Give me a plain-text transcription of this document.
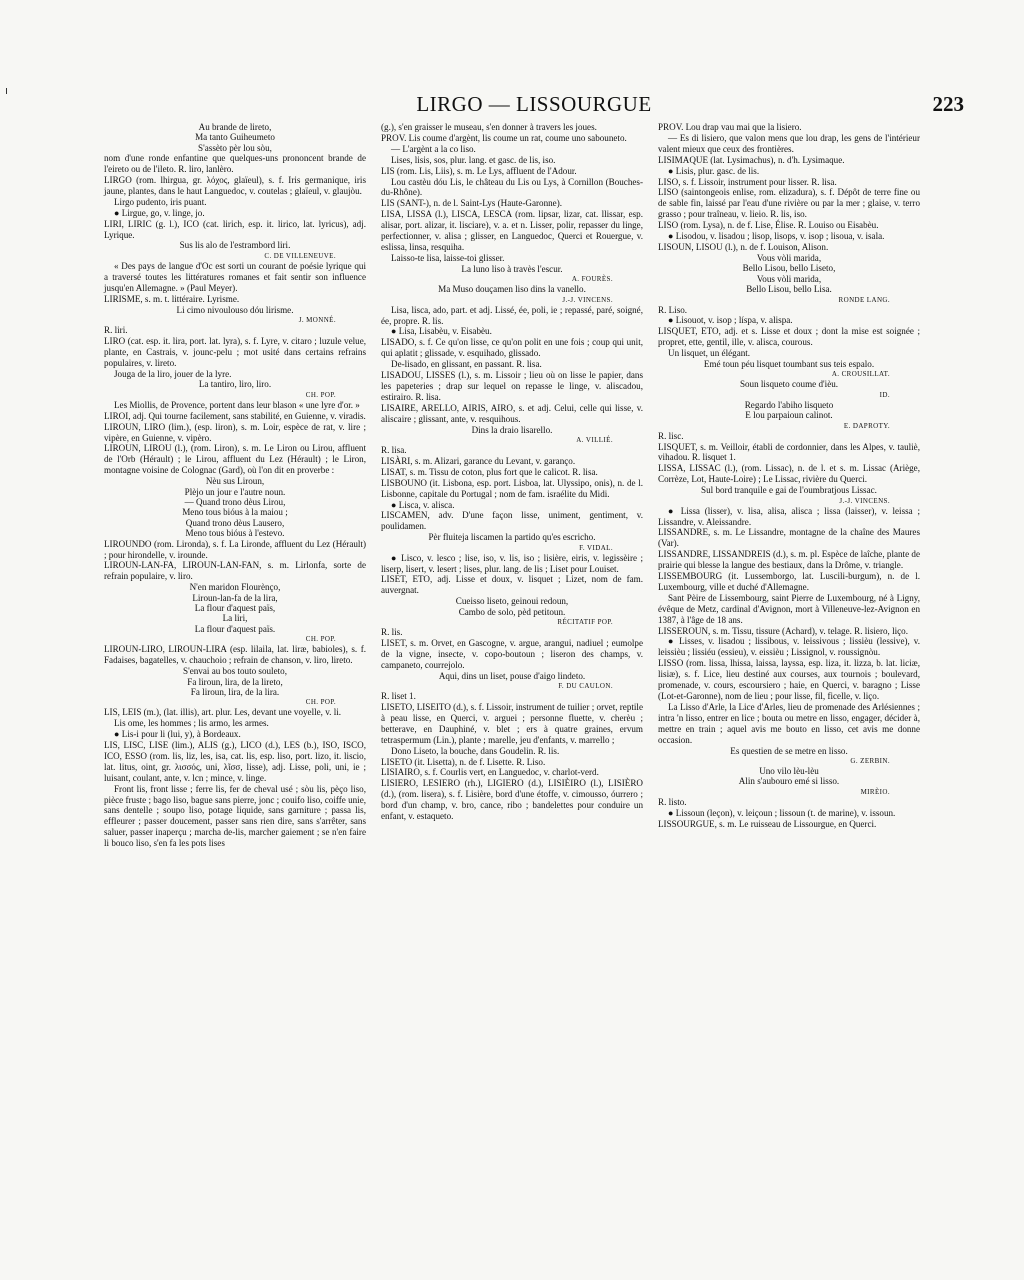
LIRGO — LISSOURGUE	223

Au brande de lireto,

Ma tanto Guiheumeto

S'assèto pèr lou sòu,

nom d'une ronde enfantine que quelques-uns prononcent brande de l'eireto ou de l'ileto. R. liro, lanlèro.

LIRGO (rom. lhirgua, gr. λόχος, glaïeul), s. f. Iris germanique, iris jaune, plantes, dans le haut Languedoc, v. coutelas ; glaïeul, v. glaujòu.

Lirgo pudento, iris puant.

● Lirgue, go, v. linge, jo.

LIRI, LIRIC (g. l.), ICO (cat. lirich, esp. it. lirico, lat. lyricus), adj. Lyrique.

Sus lis alo de l'estrambord liri.

C. DE VILLENEUVE.

« Des pays de langue d'Oc est sorti un courant de poésie lyrique qui a traversé toutes les littératures romanes et fait sentir son influence jusqu'en Allemagne. » (Paul Meyer).

LIRISME, s. m. t. littéraire. Lyrisme.

Li cimo nivoulouso dóu lirisme.

J. MONNÉ.

R. liri.

LIRO (cat. esp. it. lira, port. lat. lyra), s. f. Lyre, v. citaro ; luzule velue, plante, en Castrais, v. jounc-pelu ; mot usité dans certains refrains populaires, v. lireto.

Jouga de la liro, jouer de la lyre.

La tantiro, liro, liro.

CH. POP.

Les Miollis, de Provence, portent dans leur blason « une lyre d'or. »

LIROI, adj. Qui tourne facilement, sans stabilité, en Guienne, v. viradis.

LIROUN, LIRO (lim.), (esp. liron), s. m. Loir, espèce de rat, v. lire ; vipère, en Guienne, v. vipèro.

LIROUN, LIROU (l.), (rom. Liron), s. m. Le Liron ou Lirou, affluent de l'Orb (Hérault) ; le Lirou, affluent du Lez (Hérault) ; le Liron, montagne voisine de Colognac (Gard), où l'on dit en proverbe :

Nèu sus Liroun,

Plèjo un jour e l'autre noun.

— Quand trono dèus Lirou,

Meno tous bióus à la maiou ;

Quand trono dèus Lausero,

Meno tous bióus à l'estevo.

LIROUNDO (rom. Lironda), s. f. La Lironde, affluent du Lez (Hérault) ; pour hirondelle, v. irounde.

LIROUN-LAN-FA, LIROUN-LAN-FAN, s. m. Lirlonfa, sorte de refrain populaire, v. liro.

N'en maridon Flourènço,

Liroun-lan-fa de la lira,

La flour d'aquest païs,

La liri,

La flour d'aquest païs.

CH. POP.

LIROUN-LIRO, LIROUN-LIRA (esp. lilaila, lat. liræ, babioles), s. f. Fadaises, bagatelles, v. chauchoio ; refrain de chanson, v. liro, lireto.

S'envai au bos touto souleto,

Fa liroun, lira, de la lireto,

Fa liroun, lira, de la lira.

CH. POP.

LIS, LEIS (m.), (lat. illis), art. plur. Les, devant une voyelle, v. li.

Lis ome, les hommes ; lis armo, les armes.

● Lis-i pour li (lui, y), à Bordeaux.

LIS, LISC, LISE (lim.), ALIS (g.), LICO (d.), LES (b.), ISO, ISCO, ICO, ESSO (rom. lis, liz, les, isa, cat. lis, esp. liso, port. lizo, it. liscio, lat. litus, oint, gr. λισσός, uni, λῖσσ, lisse), adj. Lisse, poli, uni, ie ; luisant, coulant, ante, v. lcn ; mince, v. linge.

Front lis, front lisse ; ferre lis, fer de cheval usé ; sòu lis, pèço liso, pièce fruste ; bago liso, bague sans pierre, jonc ; couifo liso, coiffe unie, sans dentelle ; soupo liso, potage liquide, sans garniture ; passa lis, effleurer ; passer doucement, passer sans rien dire, sans s'arrêter, sans saluer, passer inaperçu ; marcha de-lis, marcher gaiement ; se n'en faire li bouco liso, s'en fa les pots lises

(g.), s'en graisser le museau, s'en donner à travers les joues.

PROV. Lis coume d'argènt, lis coume un rat, coume uno sabouneto.

— L'argènt a la co liso.

Lises, lisis, sos, plur. lang. et gasc. de lis, iso.

LIS (rom. Lis, Liis), s. m. Le Lys, affluent de l'Adour.

Lou castèu dóu Lis, le château du Lis ou Lys, à Cornillon (Bouches-du-Rhône).

LIS (SANT-), n. de l. Saint-Lys (Haute-Garonne).

LISA, LISSA (l.), LISCA, LESCA (rom. lipsar, lizar, cat. llissar, esp. alisar, port. alizar, it. lisciare), v. a. et n. Lisser, polir, repasser du linge, perfectionner, v. alisa ; glisser, en Languedoc, Querci et Rouergue, v. eslissa, linsa, resquiha.

Laisso-te lisa, laisse-toi glisser.

La luno liso à travès l'escur.

A. FOURÈS.

Ma Muso douçamen liso dins la vanello.

J.-J. VINCENS.

Lisa, lisca, ado, part. et adj. Lissé, ée, poli, ie ; repassé, paré, soigné, ée, propre. R. lis.

● Lisa, Lisabèu, v. Eisabèu.

LISADO, s. f. Ce qu'on lisse, ce qu'on polit en une fois ; coup qui unit, qui aplatit ; glissade, v. esquihado, glissado.

De-lisado, en glissant, en passant. R. lisa.

LISADOU, LISSES (l.), s. m. Lissoir ; lieu où on lisse le papier, dans les papeteries ; drap sur lequel on repasse le linge, v. aliscadou, estirairo. R. lisa.

LISAIRE, ARELLO, AIRIS, AIRO, s. et adj. Celui, celle qui lisse, v. aliscaire ; glissant, ante, v. resquihous.

Dins la draio lisarello.

A. VILLIÉ.

R. lisa.

LISÀRI, s. m. Alizari, garance du Levant, v. garanço.

LISAT, s. m. Tissu de coton, plus fort que le calicot. R. lisa.

LISBOUNO (it. Lisbona, esp. port. Lisboa, lat. Ulyssipo, onis), n. de l. Lisbonne, capitale du Portugal ; nom de fam. israélite du Midi.

● Lisca, v. alisca.

LISCAMEN, adv. D'une façon lisse, uniment, gentiment, v. poulidamen.

Pèr fluiteja liscamen la partido qu'es escricho.

F. VIDAL.

● Lisco, v. lesco ; lise, iso, v. lis, iso ; lisière, eiris, v. legissèire ; liserp, lisert, v. lesert ; lises, plur. lang. de lis ; Liset pour Louiset.

LISET, ETO, adj. Lisse et doux, v. lisquet ; Lizet, nom de fam. auvergnat.

Cueisso liseto, geinoui redoun,

Cambo de solo, pèd petitoun.

RÉCITATIF POP.

R. lis.

LISET, s. m. Orvet, en Gascogne, v. argue, arangui, nadiuel ; eumolpe de la vigne, insecte, v. copo-boutoun ; liseron des champs, v. campaneto, courrejolo.

Aqui, dins un liset, pouse d'aigo lindeto.

F. DU CAULON.

R. liset 1.

LISETO, LISEITO (d.), s. f. Lissoir, instrument de tuilier ; orvet, reptile à peau lisse, en Querci, v. arguei ; personne fluette, v. cherèu ; betterave, en Dauphiné, v. blet ; ers à quatre graines, ervum tetraspermum (Lin.), plante ; marelle, jeu d'enfants, v. marrello ;

Dono Liseto, la bouche, dans Goudelin. R. lis.

LISETO (it. Lisetta), n. de f. Lisette. R. Liso.

LISIAIRO, s. f. Courlis vert, en Languedoc, v. charlot-verd.

LISIERO, LESIERO (rh.), LIGIERO (d.), LISIÈIRO (l.), LISIÈRO (d.), (rom. lisera), s. f. Lisière, bord d'une étoffe, v. cimousso, óurrero ; bord d'un champ, v. bro, cance, ribo ; bandelettes pour conduire un enfant, v. estaqueto.

PROV. Lou drap vau mai que la lisiero.

— Es di lisiero, que valon mens que lou drap, les gens de l'intérieur valent mieux que ceux des frontières.

LISIMAQUE (lat. Lysimachus), n. d'h. Lysimaque.

● Lisis, plur. gasc. de lis.

LISO, s. f. Lissoir, instrument pour lisser. R. lisa.

LISO (saintongeois enlise, rom. elizadura), s. f. Dépôt de terre fine ou de sable fin, laissé par l'eau d'une rivière ou par la mer ; glaise, v. terro grasso ; pour traîneau, v. lieio. R. lis, iso.

LISO (rom. Lysa), n. de f. Lise, Élise. R. Louiso ou Eisabèu.

● Lisodou, v. lisadou ; lisop, lisops, v. isop ; lisoua, v. isala.

LISOUN, LISOU (l.), n. de f. Louison, Alison.

Vous vòli marida,

Bello Lisou, bello Liseto,

Vous vòli marida,

Bello Lisou, bello Lisa.

RONDE LANG.

R. Liso.

● Lisouot, v. isop ; líspa, v. alispa.

LISQUET, ETO, adj. et s. Lisse et doux ; dont la mise est soignée ; propret, ette, gentil, ille, v. alisca, courous.

Un lisquet, un élégant.

Emé toun péu lisquet toumbant sus teis espalo.

A. CROUSILLAT.

Soun lisqueto coume d'ièu.

ID.

Regardo l'abiho lisqueto

E lou parpaioun calinot.

E. DAPROTY.

R. lisc.

LISQUET, s. m. Veilloir, établi de cordonnier, dans les Alpes, v. tauliè, vihadou. R. lisquet 1.

LISSA, LISSAC (l.), (rom. Lissac), n. de l. et s. m. Lissac (Ariège, Corrèze, Lot, Haute-Loire) ; Le Lissac, rivière du Querci.

Sul bord tranquile e gai de l'oumbratjous Lissac.

J.-J. VINCENS.

● Lissa (lisser), v. lisa, alisa, alisca ; lissa (laisser), v. leissa ; Lissandre, v. Aleissandre.

LISSANDRE, s. m. Le Lissandre, montagne de la chaîne des Maures (Var).

LISSANDRE, LISSANDREIS (d.), s. m. pl. Espèce de laîche, plante de prairie qui blesse la langue des bestiaux, dans la Drôme, v. triangle.

LISSEMBOURG (it. Lussemborgo, lat. Luscili-burgum), n. de l. Luxembourg, ville et duché d'Allemagne.

Sant Pèire de Lissembourg, saint Pierre de Luxembourg, né à Ligny, évêque de Metz, cardinal d'Avignon, mort à Villeneuve-lez-Avignon en 1387, à l'âge de 18 ans.

LISSEROUN, s. m. Tissu, tissure (Achard), v. telage. R. lisiero, liço.

● Lisses, v. lisadou ; lissibous, v. leissivous ; lissièu (lessive), v. leissièu ; lissiéu (essieu), v. eissièu ; Lissignol, v. roussignòu.

LISSO (rom. lissa, lhissa, laissa, layssa, esp. liza, it. lizza, b. lat. liciæ, lisiæ), s. f. Lice, lieu destiné aux courses, aux tournois ; boulevard, promenade, v. cours, escoursiero ; haie, en Querci, v. baragno ; Lisse (Lot-et-Garonne), nom de lieu ; pour lisse, fil, ficelle, v. liço.

La Lisso d'Arle, la Lice d'Arles, lieu de promenade des Arlésiennes ; intra 'n lisso, entrer en lice ; bouta ou metre en lisso, engager, décider à, mettre en train ; aquel avis me bouto en lisso, cet avis me donne occasion.

Es questien de se metre en lisso.

G. ZERBIN.

Uno vilo lèu-lèu

Alin s'aubouro emé si lisso.

MIRÈIO.

R. listo.

● Lissoun (leçon), v. leiçoun ; lissoun (t. de marine), v. issoun.

LISSOURGUE, s. m. Le ruisseau de Lissourgue, en Querci.
